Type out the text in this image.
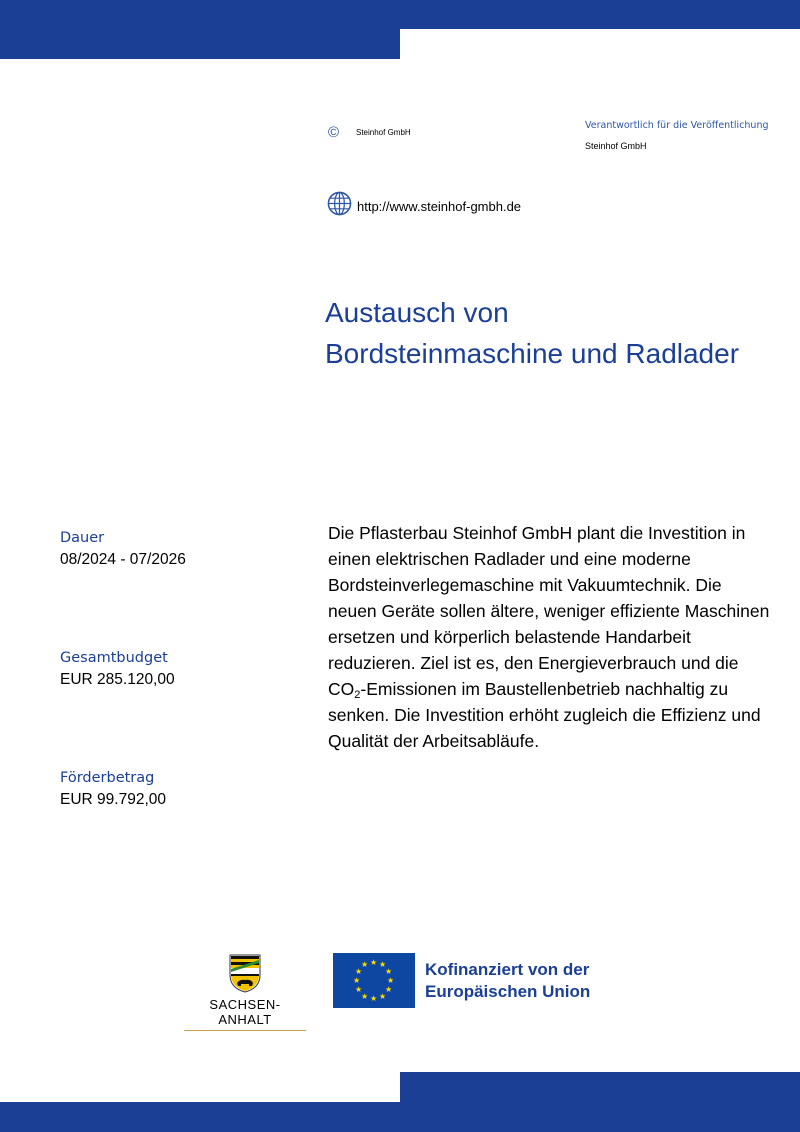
©	Steinhof GmbH
Verantwortlich für die Veröffentlichung
Steinhof GmbH
http://www.steinhof-gmbh.de
Austausch von Bordsteinmaschine und Radlader
Dauer
08/2024 - 07/2026
Gesamtbudget
EUR 285.120,00
Förderbetrag
EUR 99.792,00
Die Pflasterbau Steinhof GmbH plant die Investition in einen elektrischen Radlader und eine moderne Bordsteinverlegemaschine mit Vakuumtechnik. Die neuen Geräte sollen ältere, weniger effiziente Maschinen ersetzen und körperlich belastende Handarbeit reduzieren. Ziel ist es, den Energieverbrauch und die $CO_2$-Emissionen im Baustellenbetrieb nachhaltig zu senken. Die Investition erhöht zugleich die Effizienz und Qualität der Arbeitsabläufe.
SACHSEN-ANHALT
★ ★
★
★
★
★
★
★
★
★
★
★	Kofinanziert von der
Europäischen Union
